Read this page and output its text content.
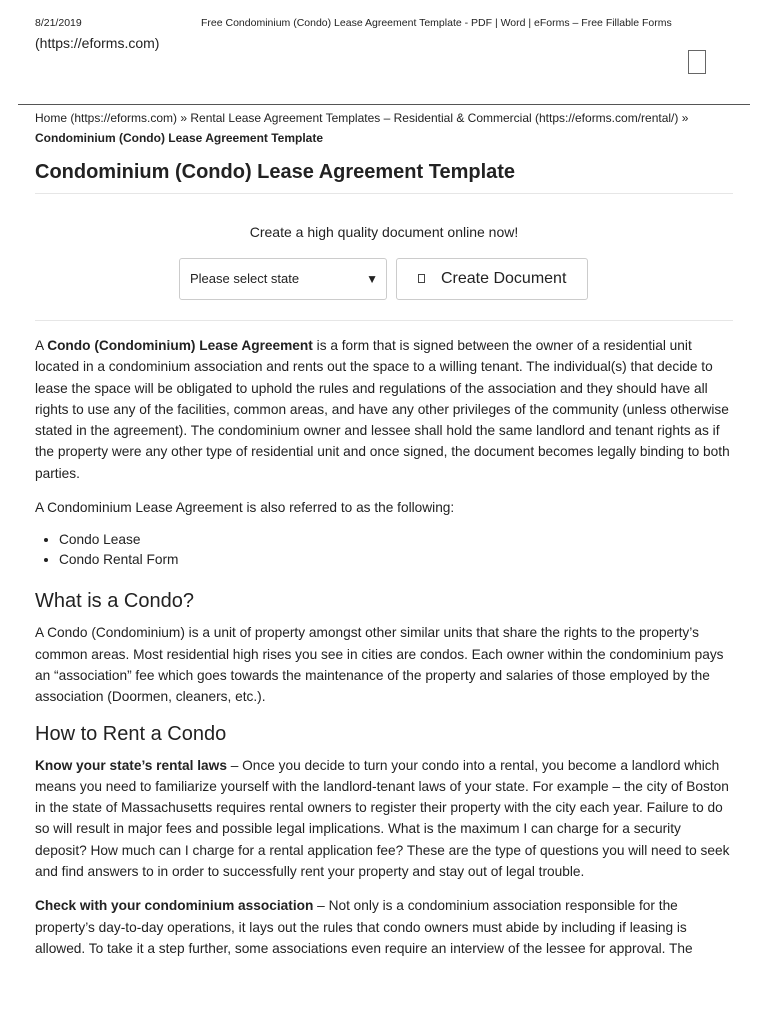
8/21/2019	Free Condominium (Condo) Lease Agreement Template - PDF | Word | eForms – Free Fillable Forms
(https://eforms.com)
Home (https://eforms.com) » Rental Lease Agreement Templates – Residential & Commercial (https://eforms.com/rental/) »
Condominium (Condo) Lease Agreement Template
Condominium (Condo) Lease Agreement Template
Create a high quality document online now!
Please select state	▼	Create Document

A Condo (Condominium) Lease Agreement is a form that is signed between the owner of a residential unit located in a condominium association and rents out the space to a willing tenant. The individual(s) that decide to lease the space will be obligated to uphold the rules and regulations of the association and they should have all rights to use any of the facilities, common areas, and have any other privileges of the community (unless otherwise stated in the agreement). The condominium owner and lessee shall hold the same landlord and tenant rights as if the property were any other type of residential unit and once signed, the document becomes legally binding to both parties.

A Condominium Lease Agreement is also referred to as the following:

• Condo Lease
• Condo Rental Form
What is a Condo?

A Condo (Condominium) is a unit of property amongst other similar units that share the rights to the property’s common areas. Most residential high rises you see in cities are condos. Each owner within the condominium pays an “association” fee which goes towards the maintenance of the property and salaries of those employed by the association (Doormen, cleaners, etc.).

How to Rent a Condo

Know your state’s rental laws – Once you decide to turn your condo into a rental, you become a landlord which means you need to familiarize yourself with the landlord-tenant laws of your state. For example – the city of Boston in the state of Massachusetts requires rental owners to register their property with the city each year. Failure to do so will result in major fees and possible legal implications. What is the maximum I can charge for a security deposit? How much can I charge for a rental application fee? These are the type of questions you will need to seek and find answers to in order to successfully rent your property and stay out of legal trouble.

Check with your condominium association – Not only is a condominium association responsible for the property’s day-to-day operations, it lays out the rules that condo owners must abide by including if leasing is allowed. To take it a step further, some associations even require an interview of the lessee for approval. The
